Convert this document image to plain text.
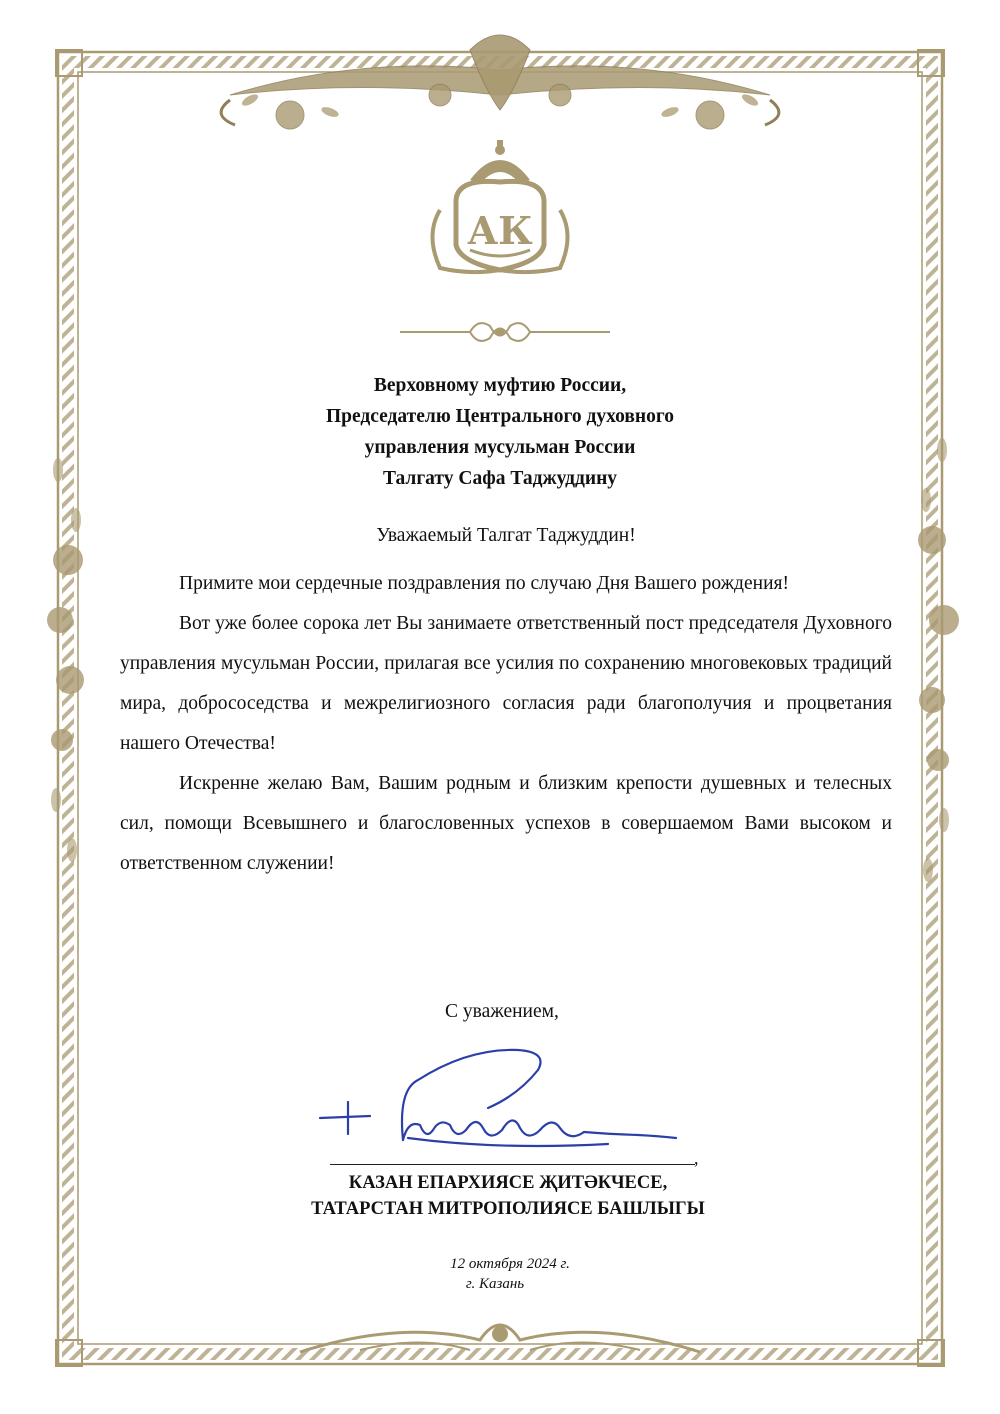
АК
Верховному муфтию России,
Председателю Центрального духовного
управления мусульман России
Талгату Сафа Таджуддину
Уважаемый Талгат Таджуддин!

Примите мои сердечные поздравления по случаю Дня Вашего рождения!

Вот уже более сорока лет Вы занимаете ответственный пост председателя Духовного управления мусульман России, прилагая все усилия по сохранению многовековых традиций мира, добрососедства и межрелигиозного согласия ради благополучия и процветания нашего Отечества!

Искренне желаю Вам, Вашим родным и близким крепости душевных и телесных сил, помощи Всевышнего и благословенных успехов в совершаемом Вами высоком и ответственном служении!

С уважением,
,
КАЗАН ЕПАРХИЯСЕ ҖИТӘКЧЕСЕ,
ТАТАРСТАН МИТРОПОЛИЯСЕ БАШЛЫГЫ
12 октября 2024 г.
г. Казань
